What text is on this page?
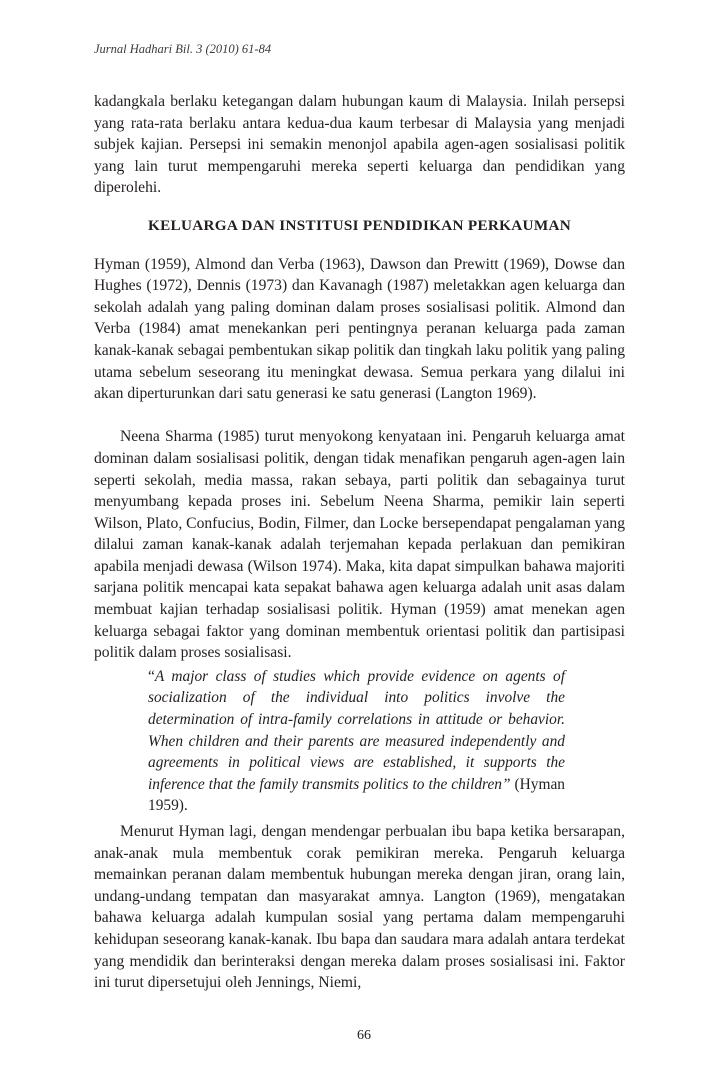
Jurnal Hadhari Bil. 3 (2010) 61-84

kadangkala berlaku ketegangan dalam hubungan kaum di Malaysia. Inilah persepsi yang rata-rata berlaku antara kedua-dua kaum terbesar di Malaysia yang menjadi subjek kajian. Persepsi ini semakin menonjol apabila agen-agen sosialisasi politik yang lain turut mempengaruhi mereka seperti keluarga dan pendidikan yang diperolehi.

KELUARGA DAN INSTITUSI PENDIDIKAN PERKAUMAN

Hyman (1959), Almond dan Verba (1963), Dawson dan Prewitt (1969), Dowse dan Hughes (1972), Dennis (1973) dan Kavanagh (1987) meletakkan agen keluarga dan sekolah adalah yang paling dominan dalam proses sosialisasi politik. Almond dan Verba (1984) amat menekankan peri pentingnya peranan keluarga pada zaman kanak-kanak sebagai pembentukan sikap politik dan tingkah laku politik yang paling utama sebelum seseorang itu meningkat dewasa. Semua perkara yang dilalui ini akan diperturunkan dari satu generasi ke satu generasi (Langton 1969).

Neena Sharma (1985) turut menyokong kenyataan ini. Pengaruh keluarga amat dominan dalam sosialisasi politik, dengan tidak menafikan pengaruh agen-agen lain seperti sekolah, media massa, rakan sebaya, parti politik dan sebagainya turut menyumbang kepada proses ini. Sebelum Neena Sharma, pemikir lain seperti Wilson, Plato, Confucius, Bodin, Filmer, dan Locke bersependapat pengalaman yang dilalui zaman kanak-kanak adalah terjemahan kepada perlakuan dan pemikiran apabila menjadi dewasa (Wilson 1974). Maka, kita dapat simpulkan bahawa majoriti sarjana politik mencapai kata sepakat bahawa agen keluarga adalah unit asas dalam membuat kajian terhadap sosialisasi politik. Hyman (1959) amat menekan agen keluarga sebagai faktor yang dominan membentuk orientasi politik dan partisipasi politik dalam proses sosialisasi.

“A major class of studies which provide evidence on agents of socialization of the individual into politics involve the determination of intra-family correlations in attitude or behavior. When children and their parents are measured independently and agreements in political views are established, it supports the inference that the family transmits politics to the children” (Hyman 1959).

Menurut Hyman lagi, dengan mendengar perbualan ibu bapa ketika bersarapan, anak-anak mula membentuk corak pemikiran mereka. Pengaruh keluarga memainkan peranan dalam membentuk hubungan mereka dengan jiran, orang lain, undang-undang tempatan dan masyarakat amnya. Langton (1969), mengatakan bahawa keluarga adalah kumpulan sosial yang pertama dalam mempengaruhi kehidupan seseorang kanak-kanak. Ibu bapa dan saudara mara adalah antara terdekat yang mendidik dan berinteraksi dengan mereka dalam proses sosialisasi ini. Faktor ini turut dipersetujui oleh Jennings, Niemi,

66
